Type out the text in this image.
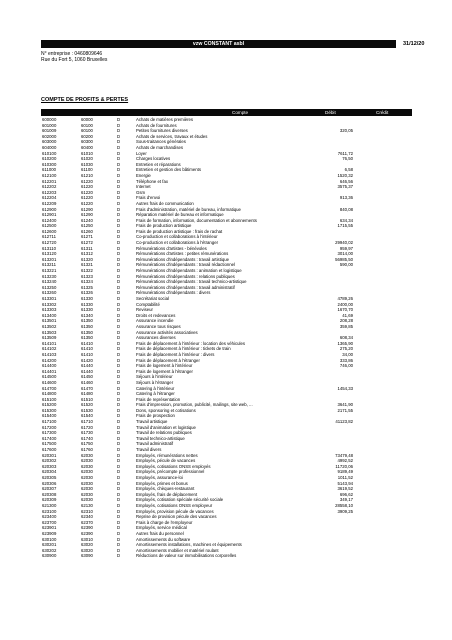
vzw CONSTANT asbl	31/12/20
N° entreprise : 0460809646
Rue du Fort 5, 1060 Bruxelles
COMPTE DE PROFITS & PERTES
Compte	Débit	Crédit
600000	60000	D	Achats de matières premières
601000	60100	D	Achats de fournitures
601009	60100	D	Petites fournitures diverses	320,05
602000	60200	D	Achats de services, travaux et études
603000	60300	D	Sous-traitances générales
604000	60400	D	Achats de marchandises
610100	61010	D	Loyer	7611,72
610200	61020	D	Charges locatives	76,50
610300	61030	D	Entretien et réparations
611000	61100	D	Entretien et gestion des bâtiments	6,58
612100	61210	D	Energie	1520,32
612201	61220	D	Téléphone et fax	646,56
612202	61220	D	Internet	3575,37
612203	61220	D	Gsm
612204	61220	D	Frais d'envoi	913,36
612209	61220	D	Autres frais de communication
612900	61290	D	Frais d'administration, matériel de bureau, informatique	840,08
612901	61290	D	Réparation matériel de bureau et informatique
612400	61240	D	Frais de formation, information, documentation et abonnements	634,34
612500	61250	D	Frais de production artistique	1715,55
612600	61260	D	Frais de production artistique : frais de rachat
612711	61271	D	Co-production et collaborations à l'intérieur
612720	61272	D	Co-production et collaborations à l'étranger	29940,02
613110	61311	D	Rémunérations d'artistes - bénévoles	959,97
613120	61312	D	Rémunérations d'artistes : petites rémunérations	3014,00
613201	61320	D	Rémunérations d'indépendants : travail artistique	56985,50
613211	61321	D	Rémunérations d'indépendants : travail rédactionnel	590,00
613221	61322	D	Rémunérations d'indépendants : animation et logistique
613230	61323	D	Rémunérations d'indépendants : relations publiques
613240	61324	D	Rémunérations d'indépendants : travail technico-artistique
613250	61325	D	Rémunérations d'indépendants : travail administratif
613260	61326	D	Rémunérations d'indépendants : divers
613301	61330	D	Secrétariat social	4789,26
613302	61330	D	Comptabilité	2400,00
613303	61330	D	Reviseur	1670,70
613400	61340	D	Droits et redevances	41,69
613501	61350	D	Assurance incendie	208,28
613502	61350	D	Assurance tous risques	359,85
613503	61350	D	Assurance activités associatives
613509	61350	D	Assurances diverses	608,34
614101	61410	D	Frais de déplacement à l'intérieur : location des véhicules	1365,90
614102	61410	D	Frais de déplacement à l'intérieur : tickets de train	275,20
614103	61410	D	Frais de déplacement à l'intérieur : divers	34,00
614200	61420	D	Frais de déplacement à l'étranger	333,86
614400	61440	D	Frais de logement à l'intérieur	746,00
614401	61440	D	Frais de logement à l'étranger
614500	61450	D	Séjours à l'intérieur
614600	61460	D	Séjours à l'étranger
614700	61470	D	Catering à l'intérieur	1454,33
614800	61480	D	Catering à l'étranger
615100	61510	D	Frais de représentation
615200	61520	D	Frais d'impression, promotion, publicité, mailings, site web, ...	3641,90
615300	61530	D	Dons, sponsoring et cotisations	2171,55
615400	61540	D	Frais de prospection
617100	61710	D	Travail artistique	41123,82
617200	61720	D	Travail d'animation et logistique
617300	61730	D	Travail de relations publiques
617400	61740	D	Travail technico-artistique
617500	61750	D	Travail administratif
617600	61760	D	Travail divers
620301	62030	D	Employés, rémunérations nettes	73479,48
620302	62030	D	Employés, pécule de vacances	4992,52
620303	62030	D	Employés, cotisations ONSS employés	11720,06
620304	62030	D	Employés, précompte professionnel	9189,49
620305	62030	D	Employés, assurance-loi	1011,52
620306	62030	D	Employés, primes et bonus	5143,94
620307	62030	D	Employés, chèques-restaurant	3619,52
620308	62030	D	Employés, frais de déplacement	696,62
620309	62030	D	Employés, cotisation spéciale sécurité sociale	349,17
621300	62130	D	Employés, cotisations ONSS employeur	28558,10
623100	62310	D	Employés, provision pécule de vacances	3909,25
623400	62340	D	Reprise de provision pécule des vacances
623700	62370	D	Frais à charge de l'employeur
623901	62390	D	Employés, service médical
623909	62390	D	Autres frais du personnel
630100	63010	D	Amortissements du software
630201	63020	D	Amortissements installations, machines et équipements
630202	63020	D	Amortissements mobilier et matériel roulant
630900	63090	D	Réductions de valeur sur immobilisations corporelles
